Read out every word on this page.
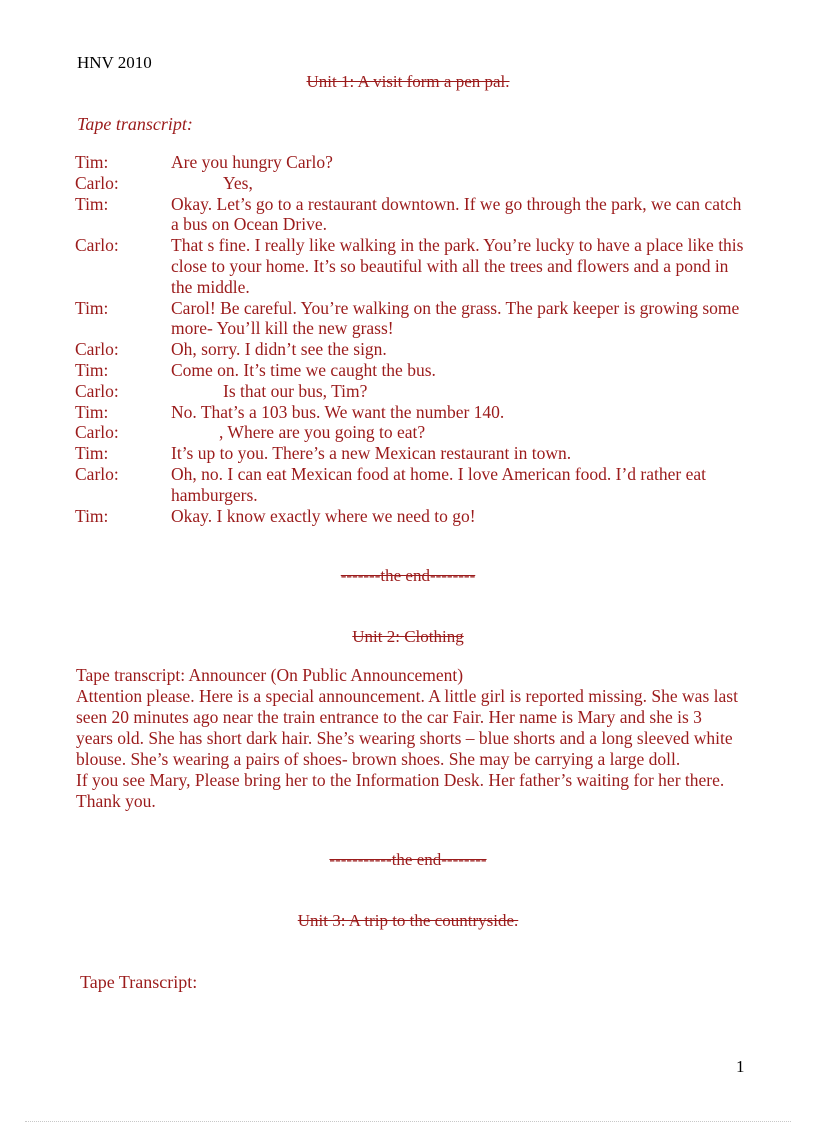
HNV 2010
Unit 1: A visit form a pen pal.
Tape transcript:
Tim:	Are you hungry Carlo?
Carlo:	Yes,
Tim:	Okay. Let’s go to a restaurant downtown. If we go through the park, we can catch a bus on Ocean Drive.
Carlo:	That s fine. I really like walking in the park. You’re lucky to have a place like this close to your home. It’s so beautiful with all the trees and flowers and a pond in the middle.
Tim:	Carol! Be careful. You’re walking on the grass. The park keeper is growing some more- You’ll kill the new grass!
Carlo:	Oh, sorry. I didn’t see the sign.
Tim:	Come on. It’s time we caught the bus.
Carlo:	Is that our bus, Tim?
Tim:	No. That’s a 103 bus. We want the number 140.
Carlo:	, Where are you going to eat?
Tim:	It’s up to you. There’s a new Mexican restaurant in town.
Carlo:	Oh, no. I can eat Mexican food at home. I love American food. I’d rather eat hamburgers.
Tim:	Okay. I know exactly where we need to go!
-------the end--------
Unit 2: Clothing
Tape transcript: Announcer (On Public Announcement)
Attention please. Here is a special announcement. A little girl is reported missing. She was last seen 20 minutes ago near the train entrance to the car Fair. Her name is Mary and she is 3 years old. She has short dark hair. She’s wearing shorts – blue shorts and a long sleeved white blouse. She’s wearing a pairs of shoes- brown shoes. She may be carrying a large doll.
If you see Mary, Please bring her to the Information Desk. Her father’s waiting for her there. Thank you.
-----------the end--------
Unit 3: A trip to the countryside.
Tape Transcript:
1
